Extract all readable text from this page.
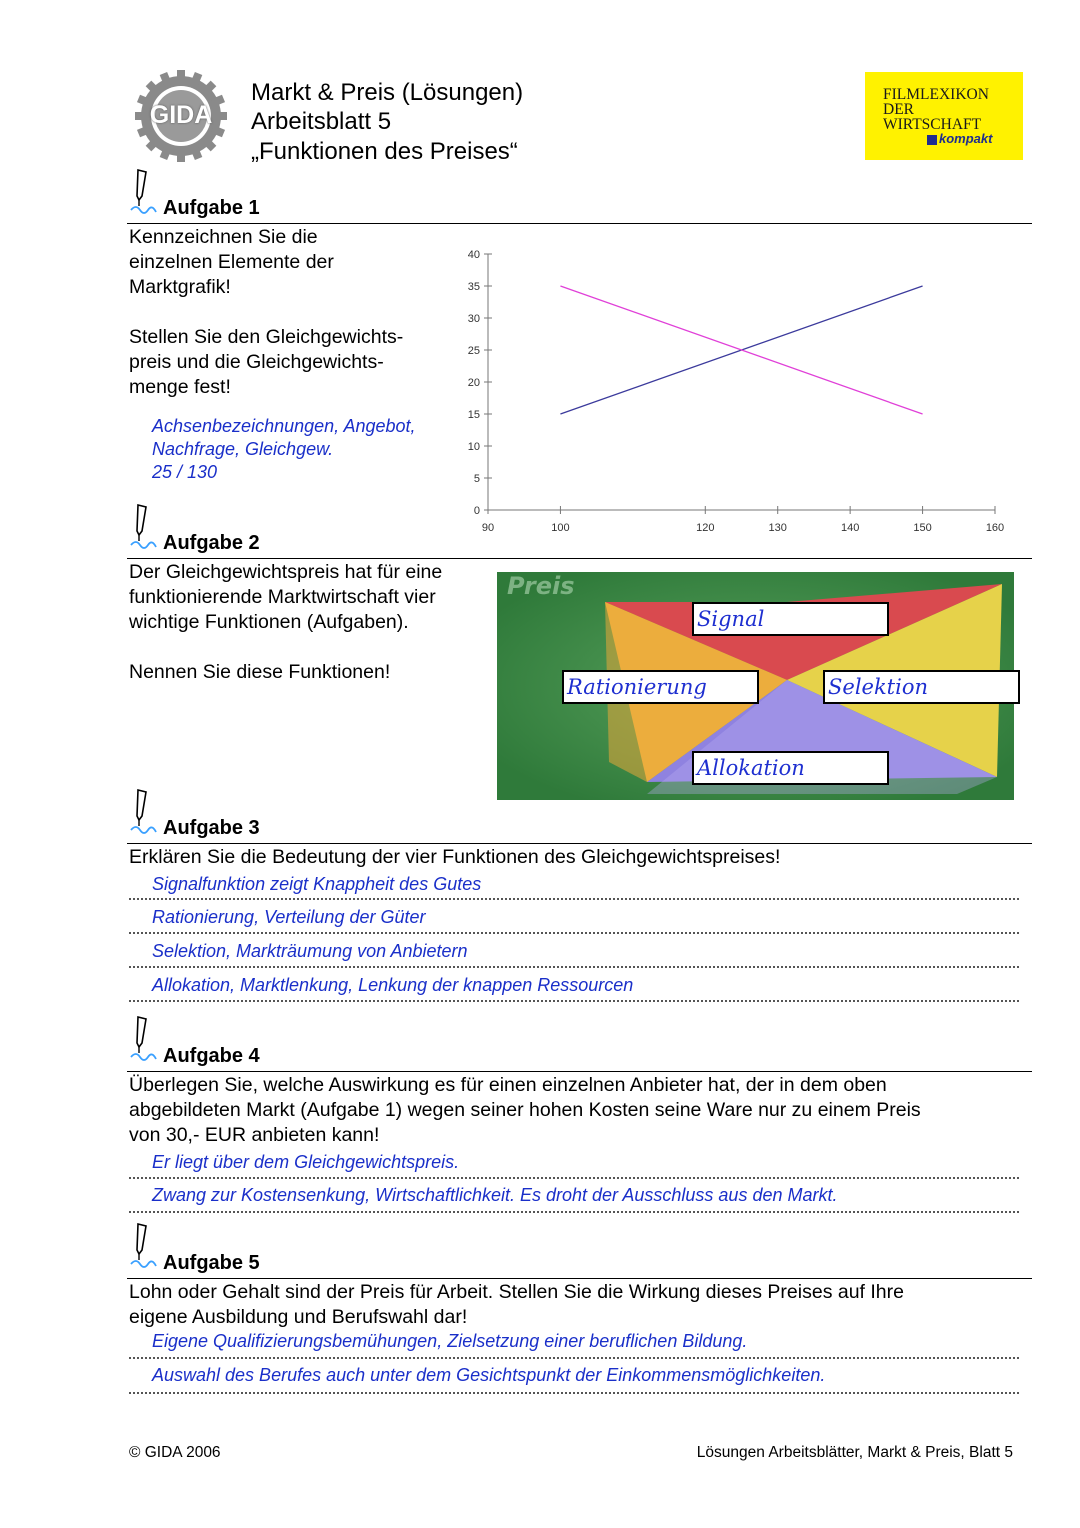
GIDA
Markt & Preis (Lösungen)
Arbeitsblatt 5
„Funktionen des Preises“
FILMLEXIKON
DER
WIRTSCHAFT
kompakt
Aufgabe 1
Kennzeichnen Sie die
einzelnen Elemente der
Marktgrafik!
Stellen Sie den Gleichgewichts-
preis und die Gleichgewichts-
menge fest!
Achsenbezeichnungen, Angebot,
Nachfrage, Gleichgew.
25 / 130
0
5
10
15
20
25
30
35
40
90	100	120	130	140	150	160
Aufgabe 2
Der Gleichgewichtspreis hat für eine
funktionierende Marktwirtschaft vier
wichtige Funktionen (Aufgaben).
Nennen Sie diese Funktionen!
Preis
Signal
Rationierung	Selektion
Allokation
Aufgabe 3
Erklären Sie die Bedeutung der vier Funktionen des Gleichgewichtspreises!
Signalfunktion zeigt Knappheit des Gutes
Rationierung, Verteilung der Güter
Selektion, Markträumung von Anbietern
Allokation, Marktlenkung, Lenkung der knappen Ressourcen
Aufgabe 4
Überlegen Sie, welche Auswirkung es für einen einzelnen Anbieter hat, der in dem oben
abgebildeten Markt (Aufgabe 1) wegen seiner hohen Kosten seine Ware nur zu einem Preis
von 30,- EUR anbieten kann!
Er liegt über dem Gleichgewichtspreis.
Zwang zur Kostensenkung, Wirtschaftlichkeit. Es droht der Ausschluss aus den Markt.
Aufgabe 5
Lohn oder Gehalt sind der Preis für Arbeit. Stellen Sie die Wirkung dieses Preises auf Ihre
eigene Ausbildung und Berufswahl dar!
Eigene Qualifizierungsbemühungen, Zielsetzung einer beruflichen Bildung.
Auswahl des Berufes auch unter dem Gesichtspunkt der Einkommensmöglichkeiten.
© GIDA 2006	Lösungen Arbeitsblätter, Markt & Preis, Blatt 5
